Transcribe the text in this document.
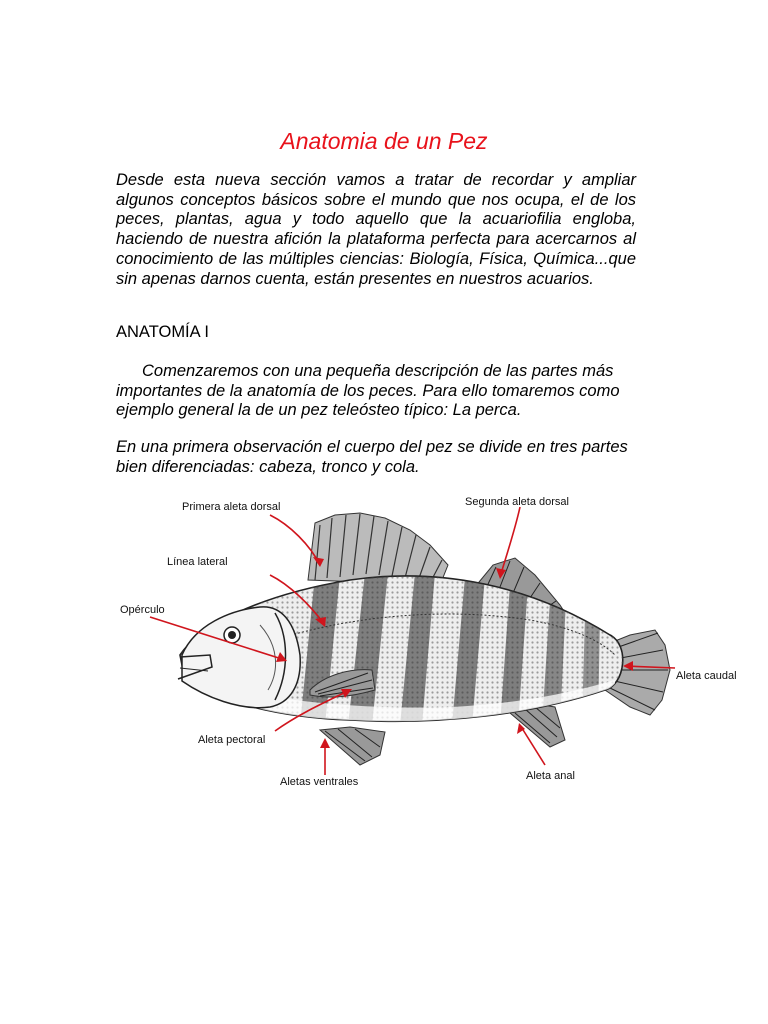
Anatomia de un Pez

Desde esta nueva sección vamos a tratar de recordar y ampliar algunos conceptos básicos sobre el mundo que nos ocupa, el de los peces, plantas, agua y todo aquello que la acuariofilia engloba, haciendo de nuestra afición la plataforma perfecta para acercarnos al conocimiento de las múltiples ciencias: Biología, Física, Química...que sin apenas darnos cuenta, están presentes en nuestros acuarios.

ANATOMÍA I

Comenzaremos con una pequeña descripción de las partes más importantes de la anatomía de los peces. Para ello tomaremos como ejemplo general la de un pez teleósteo típico: La perca.

En una primera observación el cuerpo del pez se divide en tres partes bien diferenciadas: cabeza, tronco y cola.

Primera aleta dorsal	Segunda aleta dorsal
Línea lateral
Opérculo
Aleta caudal
Aleta pectoral
Aletas ventrales	Aleta anal
